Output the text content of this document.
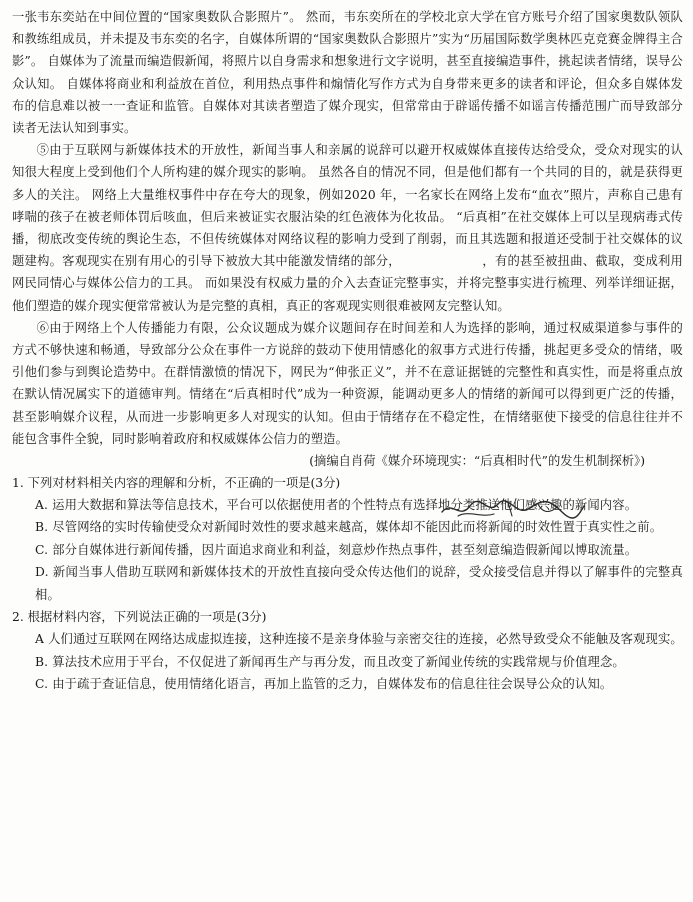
一张韦东奕站在中间位置的“国家奥数队合影照片”。 然而，韦东奕所在的学校北京大学在官方账号介绍了国家奥数队领队和教练组成员，并未提及韦东奕的名字，自媒体所谓的“国家奥数队合影照片”实为“历届国际数学奥林匹克竞赛金牌得主合影”。 自媒体为了流量而编造假新闻，将照片以自身需求和想象进行文字说明，甚至直接编造事件，挑起读者情绪，误导公众认知。 自媒体将商业和利益放在首位，利用热点事件和煽情化写作方式为自身带来更多的读者和评论，但众多自媒体发布的信息难以被一一查证和监管。自媒体对其读者塑造了媒介现实，但常常由于辟谣传播不如谣言传播范围广而导致部分读者无法认知到事实。

⑤由于互联网与新媒体技术的开放性，新闻当事人和亲属的说辞可以避开权威媒体直接传达给受众，受众对现实的认知很大程度上受到他们个人所构建的媒介现实的影响。 虽然各自的情况不同，但是他们都有一个共同的目的，就是获得更多人的关注。 网络上大量维权事件中存在夸大的现象，例如2020 年，一名家长在网络上发布“血衣”照片，声称自己患有哮喘的孩子在被老师体罚后咳血，但后来被证实衣服沾染的红色液体为化妆品。 “后真相”在社交媒体上可以呈现病毒式传播，彻底改变传统的舆论生态，不但传统媒体对网络议程的影响力受到了削弱，而且其选题和报道还受制于社交媒体的议题建构。客观现实在别有用心的引导下被放大其中能激发情绪的部分，　　　　　　　，有的甚至被扭曲、截取，变成利用网民同情心与媒体公信力的工具。 而如果没有权威力量的介入去查证完整事实，并将完整事实进行梳理、列举详细证据，他们塑造的媒介现实便常常被认为是完整的真相，真正的客观现实则很难被网友完整认知。

⑥由于网络上个人传播能力有限，公众议题成为媒介议题间存在时间差和人为选择的影响，通过权威渠道参与事件的方式不够快速和畅通，导致部分公众在事件一方说辞的鼓动下使用情感化的叙事方式进行传播，挑起更多受众的情绪，吸引他们参与到舆论造势中。在群情激愤的情况下，网民为“伸张正义”，并不在意证据链的完整性和真实性，而是将重点放在默认情况属实下的道德审判。情绪在“后真相时代”成为一种资源，能调动更多人的情绪的新闻可以得到更广泛的传播，甚至影响媒介议程，从而进一步影响更多人对现实的认知。但由于情绪存在不稳定性，在情绪驱使下接受的信息往往并不能包含事件全貌，同时影响着政府和权威媒体公信力的塑造。

(摘编自肖荷《媒介环境现实：“后真相时代”的发生机制探析》)

1. 下列对材料相关内容的理解和分析，不正确的一项是(3分)

A. 运用大数据和算法等信息技术，平台可以依据使用者的个性特点有选择地分类推送他们感兴趣的新闻内容。
B. 尽管网络的实时传输使受众对新闻时效性的要求越来越高，媒体却不能因此而将新闻的时效性置于真实性之前。
C. 部分自媒体进行新闻传播，因片面追求商业和利益，刻意炒作热点事件，甚至刻意编造假新闻以博取流量。
D. 新闻当事人借助互联网和新媒体技术的开放性直接向受众传达他们的说辞，受众接受信息并得以了解事件的完整真相。

2. 根据材料内容，下列说法正确的一项是(3分)

A 人们通过互联网在网络达成虚拟连接，这种连接不是亲身体验与亲密交往的连接，必然导致受众不能触及客观现实。
B. 算法技术应用于平台，不仅促进了新闻再生产与再分发，而且改变了新闻业传统的实践常规与价值理念。
C. 由于疏于查证信息，使用情绪化语言，再加上监管的乏力，自媒体发布的信息往往会误导公众的认知。
